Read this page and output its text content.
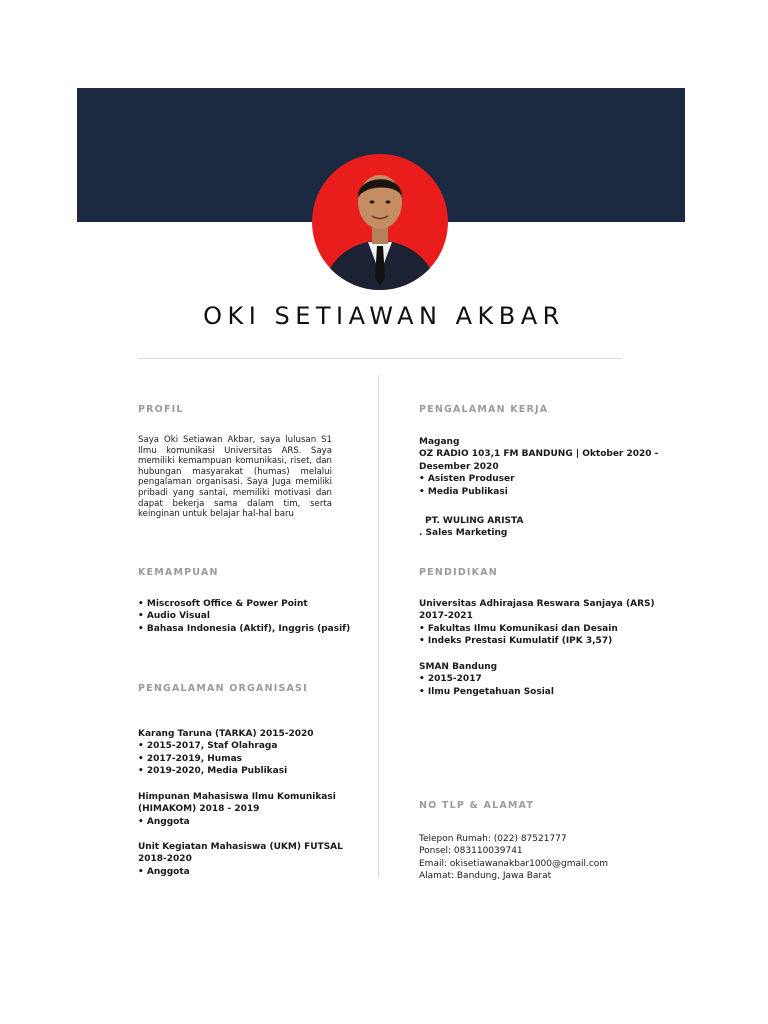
OKI SETIAWAN AKBAR
PROFIL
Saya Oki Setiawan Akbar, saya lulusan S1 Ilmu komunikasi Universitas ARS. Saya memiliki kemampuan komunikasi, riset, dan hubungan masyarakat (humas) melalui pengalaman organisasi. Saya Juga memiliki pribadi yang santai, memiliki motivasi dan dapat bekerja sama dalam tim, serta keinginan untuk belajar hal-hal baru
KEMAMPUAN
• Miscrosoft Office & Power Point
• Audio Visual
• Bahasa Indonesia (Aktif), Inggris (pasif)
PENGALAMAN ORGANISASI
Karang Taruna (TARKA) 2015-2020
• 2015-2017, Staf Olahraga
• 2017-2019, Humas
• 2019-2020, Media Publikasi
Himpunan Mahasiswa Ilmu Komunikasi
(HIMAKOM) 2018 - 2019
• Anggota
Unit Kegiatan Mahasiswa (UKM) FUTSAL
2018-2020
• Anggota
PENGALAMAN KERJA
Magang
OZ RADIO 103,1 FM BANDUNG | Oktober 2020 -
Desember 2020
• Asisten Produser
• Media Publikasi
PT. WULING ARISTA
. Sales Marketing
PENDIDIKAN
Universitas Adhirajasa Reswara Sanjaya (ARS)
2017-2021
• Fakultas Ilmu Komunikasi dan Desain
• Indeks Prestasi Kumulatif (IPK 3,57)
SMAN Bandung
• 2015-2017
• Ilmu Pengetahuan Sosial
NO TLP & ALAMAT
Telepon Rumah: (022) 87521777
Ponsel: 083110039741
Email: okisetiawanakbar1000@gmail.com
Alamat: Bandung, Jawa Barat
